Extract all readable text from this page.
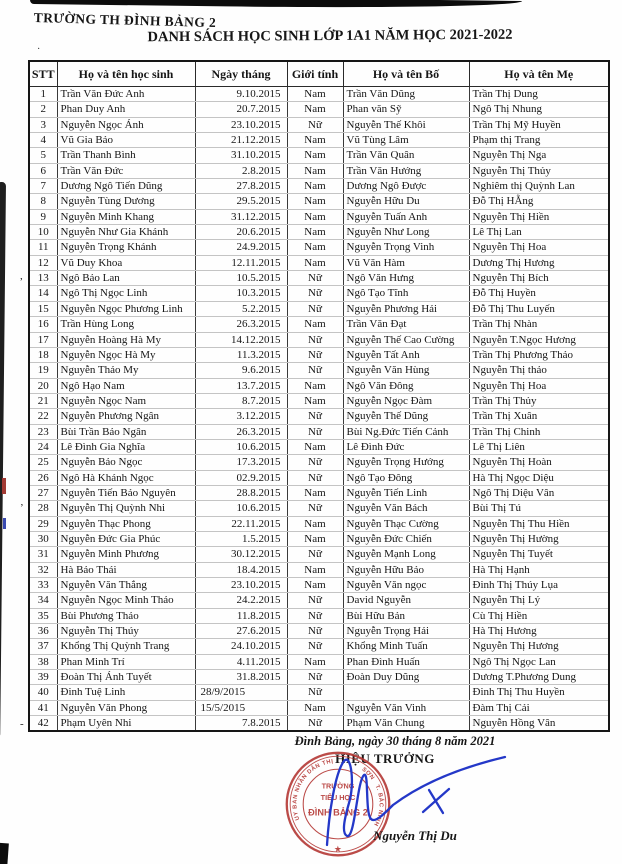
·
TRƯỜNG TH ĐÌNH BẢNG 2
DANH SÁCH HỌC SINH LỚP 1A1 NĂM HỌC 2021-2022
STT	Họ và tên học sinh	Ngày tháng	Giới tính	Họ và tên Bố	Họ và tên Mẹ
1	Trần Văn Đức Anh	9.10.2015	Nam	Trần Văn Dũng	Trần Thị Dung
2	Phan Duy Anh	20.7.2015	Nam	Phan văn Sỹ	Ngô Thị Nhung
3	Nguyễn Ngọc Ánh	23.10.2015	Nữ	Nguyễn Thế Khôi	Trần Thị Mỹ Huyền
4	Vũ Gia Bảo	21.12.2015	Nam	Vũ Tùng Lâm	Phạm thị Trang
5	Trần Thanh Bình	31.10.2015	Nam	Trần Văn Quân	Nguyễn Thị Nga
6	Trần Văn Đức	2.8.2015	Nam	Trần Văn Hướng	Nguyễn Thị Thủy
7	Dương Ngô Tiến Dũng	27.8.2015	Nam	Dương Ngô Được	Nghiêm thị Quỳnh Lan
8	Nguyễn Tùng Dương	29.5.2015	Nam	Nguyễn Hữu Du	Đỗ Thị HẰng
9	Nguyễn Minh Khang	31.12.2015	Nam	Nguyễn Tuấn Anh	Nguyễn Thị Hiền
10	Nguyễn Như Gia Khánh	20.6.2015	Nam	Nguyễn Như Long	Lê Thị Lan
11	Nguyễn Trọng Khánh	24.9.2015	Nam	Nguyễn Trọng Vinh	Nguyễn Thị Hoa
12	Vũ Duy Khoa	12.11.2015	Nam	Vũ Văn Hàm	Dương Thị Hương
13	Ngô Bảo Lan	10.5.2015	Nữ	Ngô Văn Hưng	Nguyễn Thị Bích
14	Ngô Thị Ngọc Linh	10.3.2015	Nữ	Ngô Tạo Tĩnh	Đỗ Thị Huyền
15	Nguyễn Ngọc Phương Linh	5.2.2015	Nữ	Nguyễn Phương Hải	Đỗ Thị Thu Luyến
16	Trần Hùng Long	26.3.2015	Nam	Trần Văn Đạt	Trần Thị Nhàn
17	Nguyễn Hoàng Hà My	14.12.2015	Nữ	Nguyễn Thế Cao Cường	Nguyễn T.Ngọc Hương
18	Nguyễn Ngọc Hà My	11.3.2015	Nữ	Nguyễn Tất Anh	Trần Thị Phương Thảo
19	Nguyễn Thảo My	9.6.2015	Nữ	Nguyễn Văn Hùng	Nguyễn Thị thảo
20	Ngô Hạo Nam	13.7.2015	Nam	Ngô Văn Đông	Nguyễn Thị Hoa
21	Nguyễn Ngọc Nam	8.7.2015	Nam	Nguyễn Ngọc Đàm	Trần Thị Thủy
22	Nguyễn Phương Ngân	3.12.2015	Nữ	Nguyễn Thế Dũng	Trần Thị Xuân
23	Bùi Trần Bảo Ngân	26.3.2015	Nữ	Bùi Ng.Đức Tiến Cảnh	Trần Thị Chinh
24	Lê Đình Gia Nghĩa	10.6.2015	Nam	Lê Đình Đức	Lê Thị Liên
25	Nguyễn Bảo Ngọc	17.3.2015	Nữ	Nguyễn Trọng Hướng	Nguyễn Thị Hoàn
26	Ngô Hà Khánh Ngọc	02.9.2015	Nữ	Ngô Tạo Đông	Hà Thị Ngọc Diệu
27	Nguyễn Tiến Bảo Nguyên	28.8.2015	Nam	Nguyễn Tiến Linh	Ngô Thị Diệu Vân
28	Nguyễn Thị Quỳnh Nhi	10.6.2015	Nữ	Nguyễn Văn Bách	Bùi Thị Tú
29	Nguyễn Thạc Phong	22.11.2015	Nam	Nguyễn Thạc Cường	Nguyễn Thị Thu Hiền
30	Nguyễn Đức Gia Phúc	1.5.2015	Nam	Nguyễn Đức Chiến	Nguyễn Thị Hường
31	Nguyễn Minh Phương	30.12.2015	Nữ	Nguyễn Mạnh Long	Nguyễn Thị Tuyết
32	Hà Bảo Thái	18.4.2015	Nam	Nguyễn Hữu Bảo	Hà Thị Hạnh
33	Nguyễn Văn Thắng	23.10.2015	Nam	Nguyễn Văn ngọc	Đinh Thị Thúy Lụa
34	Nguyễn Ngọc Minh Thảo	24.2.2015	Nữ	David Nguyễn	Nguyễn Thị Lý
35	Bùi Phương Thảo	11.8.2015	Nữ	Bùi Hữu Bản	Cù Thị Hiền
36	Nguyễn Thị Thúy	27.6.2015	Nữ	Nguyễn Trọng Hải	Hà Thị Hương
37	Khổng Thị Quỳnh Trang	24.10.2015	Nữ	Khổng Minh Tuấn	Nguyễn Thị Hương
38	Phan Minh Trí	4.11.2015	Nam	Phan Đình Huấn	Ngô Thị Ngọc Lan
39	Đoàn Thị Ánh Tuyết	31.8.2015	Nữ	Đoàn Duy Dũng	Dương T.Phương Dung
40	Đinh Tuệ Linh	28/9/2015	Nữ		Đinh Thị Thu Huyền
41	Nguyễn Văn Phong	15/5/2015	Nam	Nguyễn Văn Vinh	Đàm Thị Cải
42	Phạm Uyên Nhi	7.8.2015	Nữ	Phạm Văn Chung	Nguyễn Hồng Vân
,
’
-
Đình Bảng, ngày 30 tháng 8 năm 2021
HIỆU TRƯỞNG
UY BAN NHÂN DÂN THỊ
SƠN
T. BẮC NINH
TRƯỜNG
TIỂU HỌC
ĐÌNH BẢNG 2
★
Nguyễn Thị Du
